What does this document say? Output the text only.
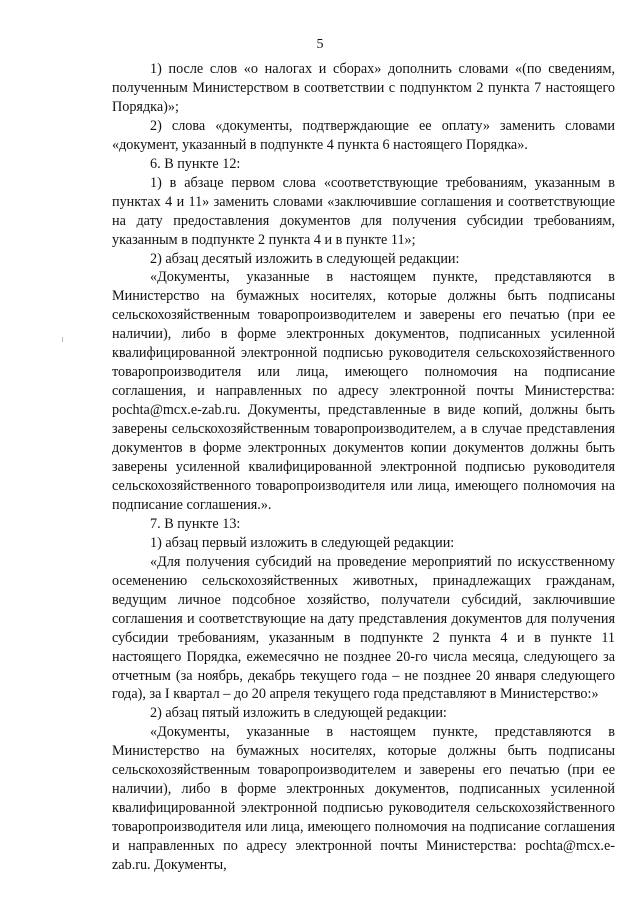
5

1) после слов «о налогах и сборах» дополнить словами «(по сведениям, полученным Министерством в соответствии с подпунктом 2 пункта 7 настоящего Порядка)»;

2) слова «документы, подтверждающие ее оплату» заменить словами «документ, указанный в подпункте 4 пункта 6 настоящего Порядка».

6. В пункте 12:

1) в абзаце первом слова «соответствующие требованиям, указанным в пунктах 4 и 11» заменить словами «заключившие соглашения и соответствующие на дату предоставления документов для получения субсидии требованиям, указанным в подпункте 2 пункта 4 и в пункте 11»;

2) абзац десятый изложить в следующей редакции:

«Документы, указанные в настоящем пункте, представляются в Министерство на бумажных носителях, которые должны быть подписаны сельскохозяйственным товаропроизводителем и заверены его печатью (при ее наличии), либо в форме электронных документов, подписанных усиленной квалифицированной электронной подписью руководителя сельскохозяйственного товаропроизводителя или лица, имеющего полномочия на подписание соглашения, и направленных по адресу электронной почты Министерства: pochta@mcx.e-zab.ru. Документы, представленные в виде копий, должны быть заверены сельскохозяйственным товаропроизводителем, а в случае представления документов в форме электронных документов копии документов должны быть заверены усиленной квалифицированной электронной подписью руководителя сельскохозяйственного товаропроизводителя или лица, имеющего полномочия на подписание соглашения.».

7. В пункте 13:

1) абзац первый изложить в следующей редакции:

«Для получения субсидий на проведение мероприятий по искусственному осеменению сельскохозяйственных животных, принадлежащих гражданам, ведущим личное подсобное хозяйство, получатели субсидий, заключившие соглашения и соответствующие на дату представления документов для получения субсидии требованиям, указанным в подпункте 2 пункта 4 и в пункте 11 настоящего Порядка, ежемесячно не позднее 20-го числа месяца, следующего за отчетным (за ноябрь, декабрь текущего года – не позднее 20 января следующего года), за I квартал – до 20 апреля текущего года представляют в Министерство:»

2) абзац пятый изложить в следующей редакции:

«Документы, указанные в настоящем пункте, представляются в Министерство на бумажных носителях, которые должны быть подписаны сельскохозяйственным товаропроизводителем и заверены его печатью (при ее наличии), либо в форме электронных документов, подписанных усиленной квалифицированной электронной подписью руководителя сельскохозяйственного товаропроизводителя или лица, имеющего полномочия на подписание соглашения и направленных по адресу электронной почты Министерства: pochta@mcx.e-zab.ru. Документы,
